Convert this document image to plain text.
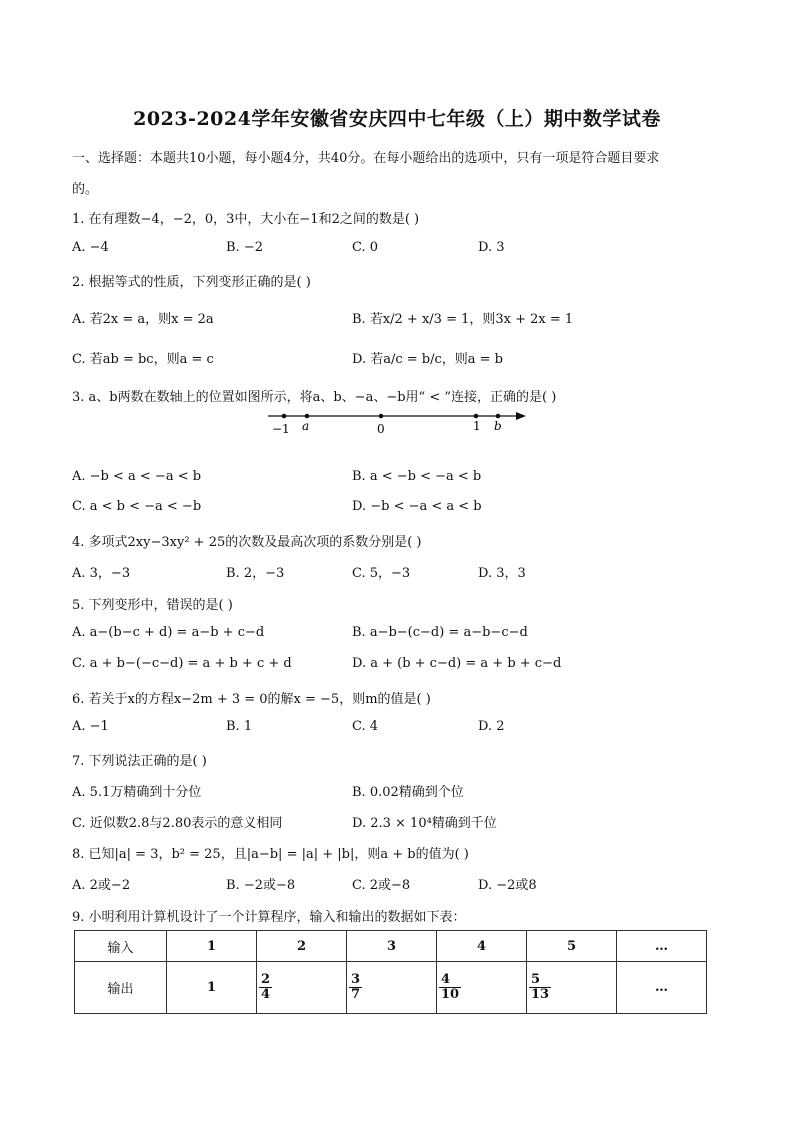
2023-2024学年安徽省安庆四中七年级（上）期中数学试卷
一、选择题：本题共10小题，每小题4分，共40分。在每小题给出的选项中，只有一项是符合题目要求
的。
1. 在有理数−4，−2，0，3中，大小在−1和2之间的数是( )
A. −4	B. −2	C. 0	D. 3
2. 根据等式的性质，下列变形正确的是( )
A. 若2x = a，则x = 2a	B. 若x/2 + x/3 = 1，则3x + 2x = 1
C. 若ab = bc，则a = c	D. 若a/c = b/c，则a = b
3. a、b两数在数轴上的位置如图所示，将a、b、−a、−b用“ < ”连接，正确的是( )
−1 a	0	1 b
A. −b < a < −a < b	B. a < −b < −a < b
C. a < b < −a < −b	D. −b < −a < a < b
4. 多项式2xy−3xy² + 25的次数及最高次项的系数分别是( )
A. 3，−3	B. 2，−3	C. 5，−3	D. 3，3
5. 下列变形中，错误的是( )
A. a−(b−c + d) = a−b + c−d	B. a−b−(c−d) = a−b−c−d
C. a + b−(−c−d) = a + b + c + d	D. a + (b + c−d) = a + b + c−d
6. 若关于x的方程x−2m + 3 = 0的解x = −5，则m的值是( )
A. −1	B. 1	C. 4	D. 2
7. 下列说法正确的是( )
A. 5.1万精确到十分位	B. 0.02精确到个位
C. 近似数2.8与2.80表示的意义相同	D. 2.3 × 10⁴精确到千位
8. 已知|a| = 3，b² = 25，且|a−b| = |a| + |b|，则a + b的值为( )
A. 2或−2	B. −2或−8	C. 2或−8	D. −2或8
9. 小明利用计算机设计了一个计算程序，输入和输出的数据如下表：
输入	1	2	3	4	5	…
输出	1	$\frac{2}{4}$	$\frac{3}{7}$	$\frac{4}{10}$	$\frac{5}{13}$	…
